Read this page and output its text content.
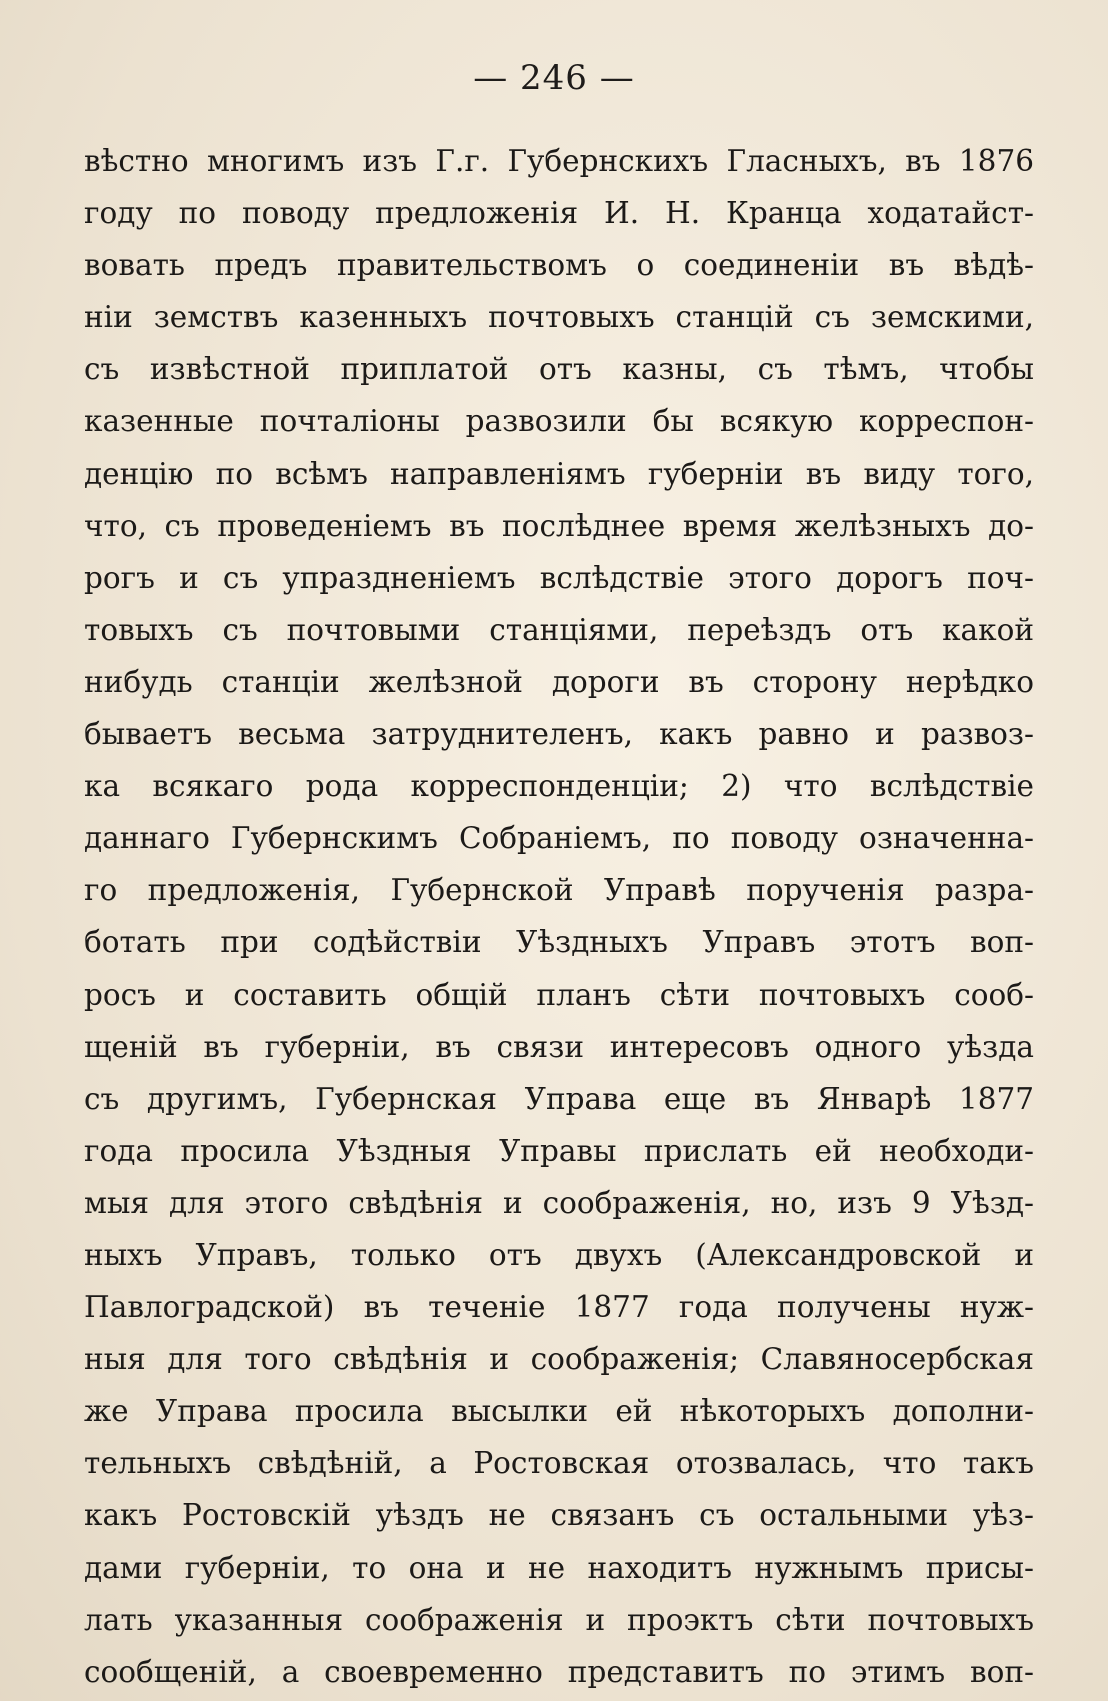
— 246 —
вѣстно многимъ изъ Г.г. Губернскихъ Гласныхъ, въ 1876
году по поводу предложенія И. Н. Кранца ходатайст-
вовать предъ правительствомъ о соединеніи въ вѣдѣ-
ніи земствъ казенныхъ почтовыхъ станцій съ земскими,
съ извѣстной приплатой отъ казны, съ тѣмъ, чтобы
казенные почталіоны развозили бы всякую корреспон-
денцію по всѣмъ направленіямъ губерніи въ виду того,
что, съ проведеніемъ въ послѣднее время желѣзныхъ до-
рогъ и съ упраздненіемъ вслѣдствіе этого дорогъ поч-
товыхъ съ почтовыми станціями, переѣздъ отъ какой
нибудь станціи желѣзной дороги въ сторону нерѣдко
бываетъ весьма затруднителенъ, какъ равно и развоз-
ка всякаго рода корреспонденціи; 2) что вслѣдствіе
даннаго Губернскимъ Собраніемъ, по поводу означенна-
го предложенія, Губернской Управѣ порученія разра-
ботать при содѣйствіи Уѣздныхъ Управъ этотъ воп-
росъ и составить общій планъ сѣти почтовыхъ сооб-
щеній въ губерніи, въ связи интересовъ одного уѣзда
съ другимъ, Губернская Управа еще въ Январѣ 1877
года просила Уѣздныя Управы прислать ей необходи-
мыя для этого свѣдѣнія и соображенія, но, изъ 9 Уѣзд-
ныхъ Управъ, только отъ двухъ (Александровской и
Павлоградской) въ теченіе 1877 года получены нуж-
ныя для того свѣдѣнія и соображенія; Славяносербская
же Управа просила высылки ей нѣкоторыхъ дополни-
тельныхъ свѣдѣній, а Ростовская отозвалась, что такъ
какъ Ростовскій уѣздъ не связанъ съ остальными уѣз-
дами губерніи, то она и не находитъ нужнымъ присы-
лать указанныя соображенія и проэктъ сѣти почтовыхъ
сообщеній, а своевременно представитъ по этимъ воп-
